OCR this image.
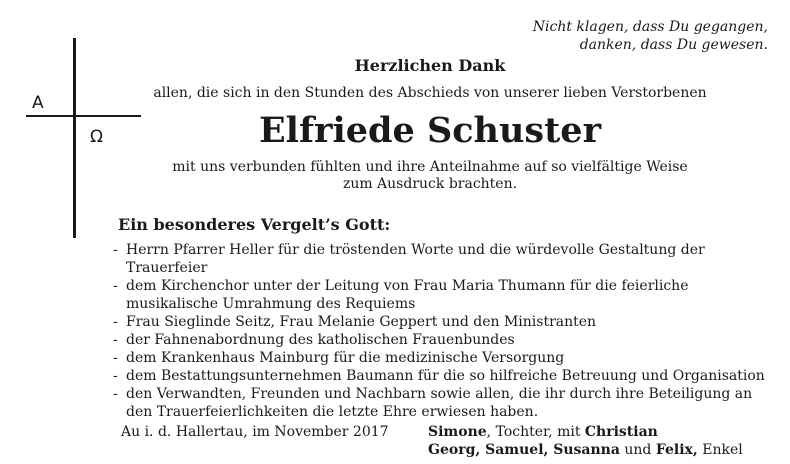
Nicht klagen, dass Du gegangen,
danken, dass Du gewesen.
A
Ω
Herzlichen Dank
allen, die sich in den Stunden des Abschieds von unserer lieben Verstorbenen
Elfriede Schuster
mit uns verbunden fühlten und ihre Anteilnahme auf so vielfältige Weise
zum Ausdruck brachten.
Ein besonderes Vergelt’s Gott:
- Herrn Pfarrer Heller für die tröstenden Worte und die würdevolle Gestaltung der Trauerfeier
- dem Kirchenchor unter der Leitung von Frau Maria Thumann für die feierliche musikalische Umrahmung des Requiems
- Frau Sieglinde Seitz, Frau Melanie Geppert und den Ministranten
- der Fahnenabordnung des katholischen Frauenbundes
- dem Krankenhaus Mainburg für die medizinische Versorgung
- dem Bestattungsunternehmen Baumann für die so hilfreiche Betreuung und Organisation
- den Verwandten, Freunden und Nachbarn sowie allen, die ihr durch ihre Beteiligung an den Trauerfeierlichkeiten die letzte Ehre erwiesen haben.
Au i. d. Hallertau, im November 2017	Simone, Tochter, mit Christian
Georg, Samuel, Susanna und Felix, Enkel
